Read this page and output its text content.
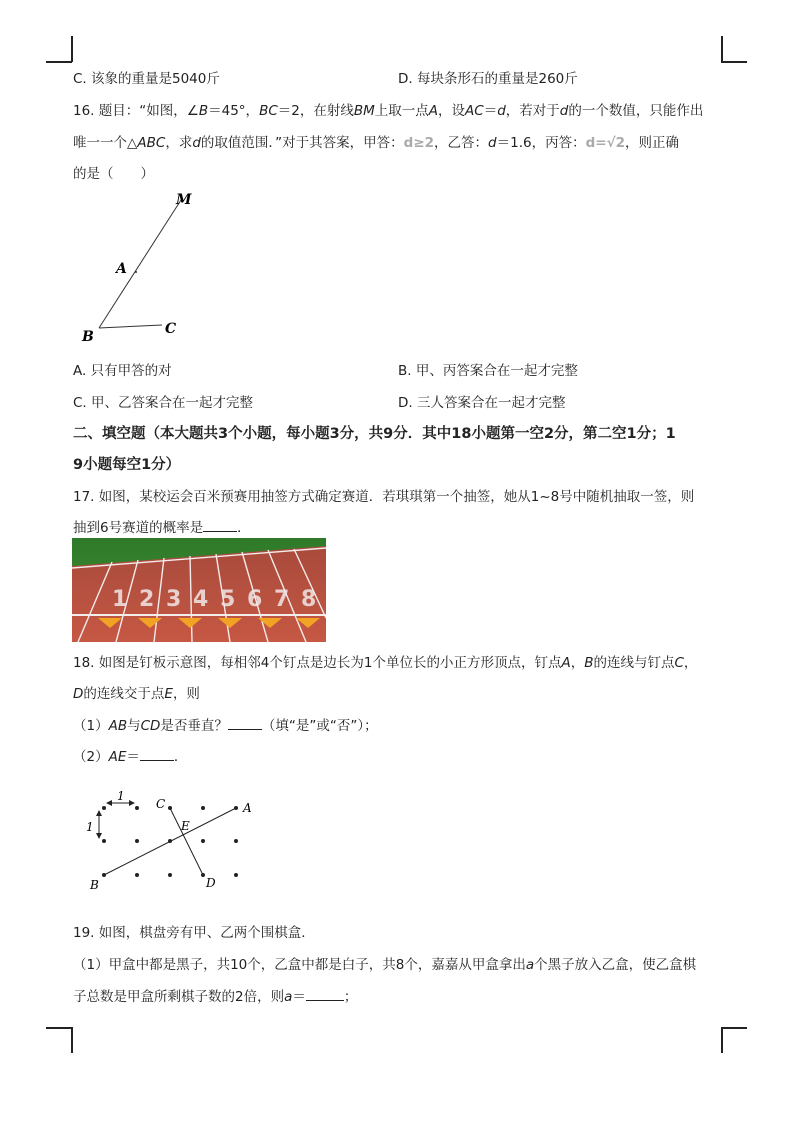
C. 该象的重量是5040斤	D. 每块条形石的重量是260斤
16. 题目：“如图，∠B＝45°，BC＝2，在射线BM上取一点A，设AC＝d，若对于d的一个数值，只能作出
唯一一个△ABC，求d的取值范围．”对于其答案，甲答：d≥2，乙答：d＝1.6，丙答：d=√2，则正确
的是（　　）
M
A
B	C
A. 只有甲答的对	B. 甲、丙答案合在一起才完整
C. 甲、乙答案合在一起才完整	D. 三人答案合在一起才完整
二、填空题（本大题共3个小题，每小题3分，共9分．其中18小题第一空2分，第二空1分；1
9小题每空1分）
17. 如图，某校运会百米预赛用抽签方式确定赛道．若琪琪第一个抽签，她从1~8号中随机抽取一签，则
抽到6号赛道的概率是	．
1 2 3 4 5 6 7 8
18. 如图是钉板示意图，每相邻4个钉点是边长为1个单位长的小正方形顶点，钉点A，B的连线与钉点C，
D的连线交于点E，则
（1）AB与CD是否垂直？	（填“是”或“否”）；
（2）AE＝	．
1
1
C	A
E
B	D
19. 如图，棋盘旁有甲、乙两个围棋盒．
（1）甲盒中都是黑子，共10个，乙盒中都是白子，共8个，嘉嘉从甲盒拿出a个黑子放入乙盒，使乙盒棋
子总数是甲盒所剩棋子数的2倍，则a＝	；
